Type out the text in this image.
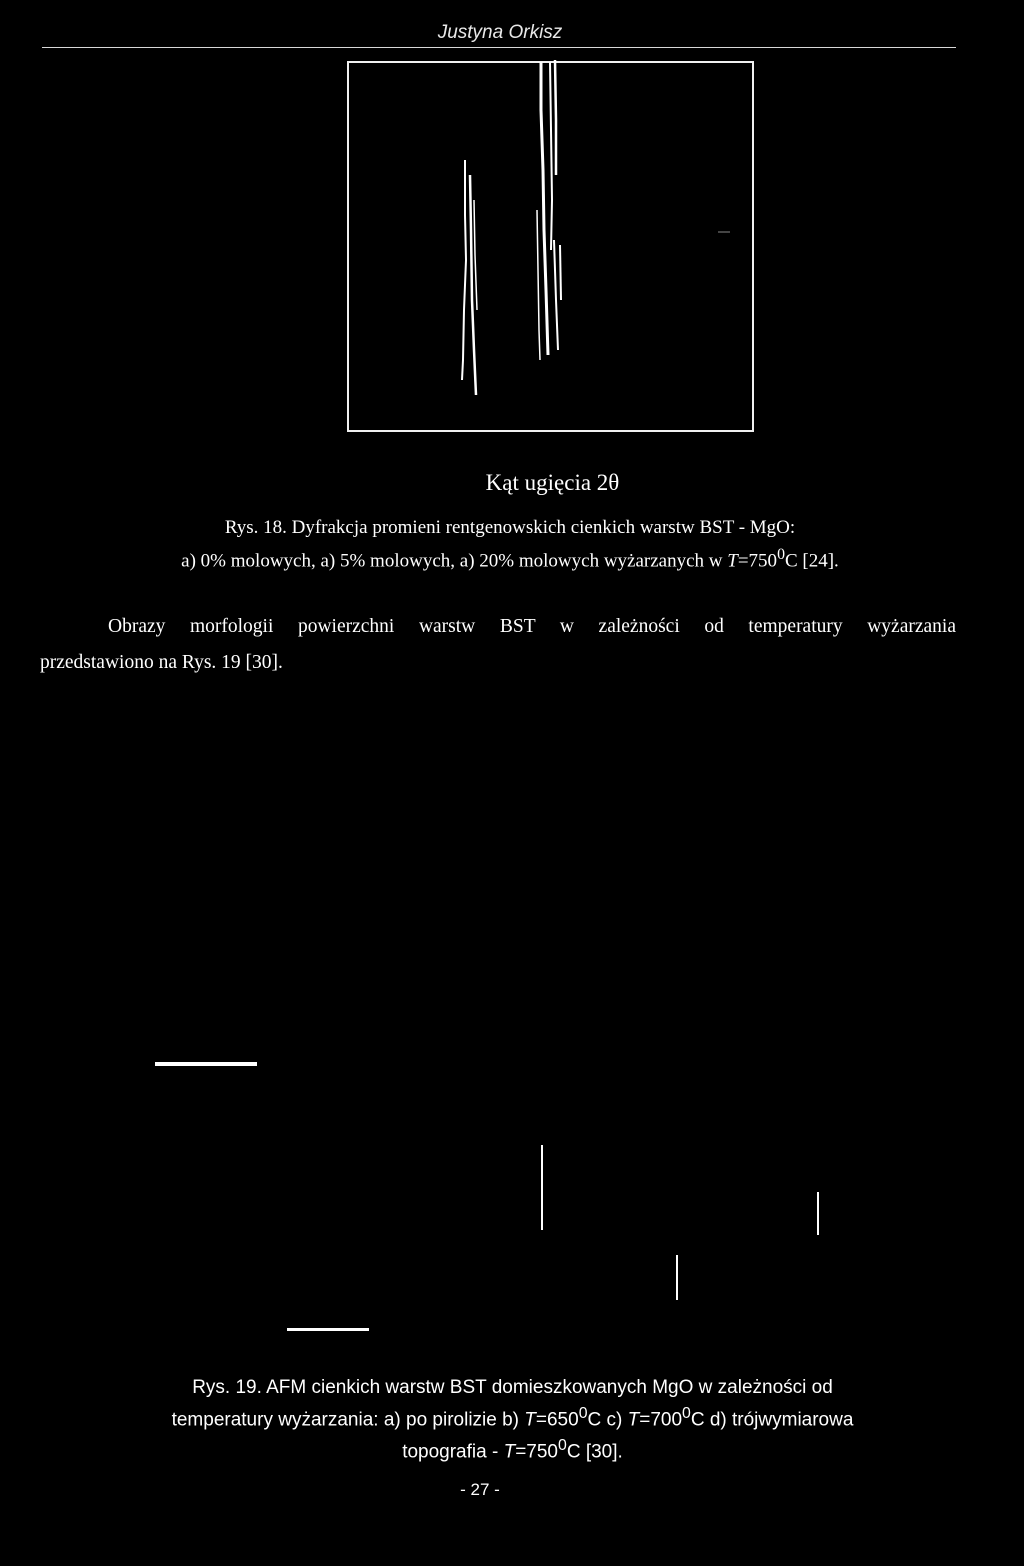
Justyna Orkisz
Kąt ugięcia 2θ
Rys. 18. Dyfrakcja promieni rentgenowskich cienkich warstw BST - MgO:
a) 0% molowych, a) 5% molowych, a) 20% molowych wyżarzanych w $T=750^0C$ [24].
Obrazy morfologii powierzchni warstw BST w zależności od temperatury wyżarzania
przedstawiono na Rys. 19 [30].
Rys. 19. AFM cienkich warstw BST domieszkowanych MgO w zależności od
temperatury wyżarzania: a) po pirolizie b) $T=650^0C$ c) $T=700^0C$ d) trójwymiarowa
topografia - $T=750^0C$ [30].
- 27 -
